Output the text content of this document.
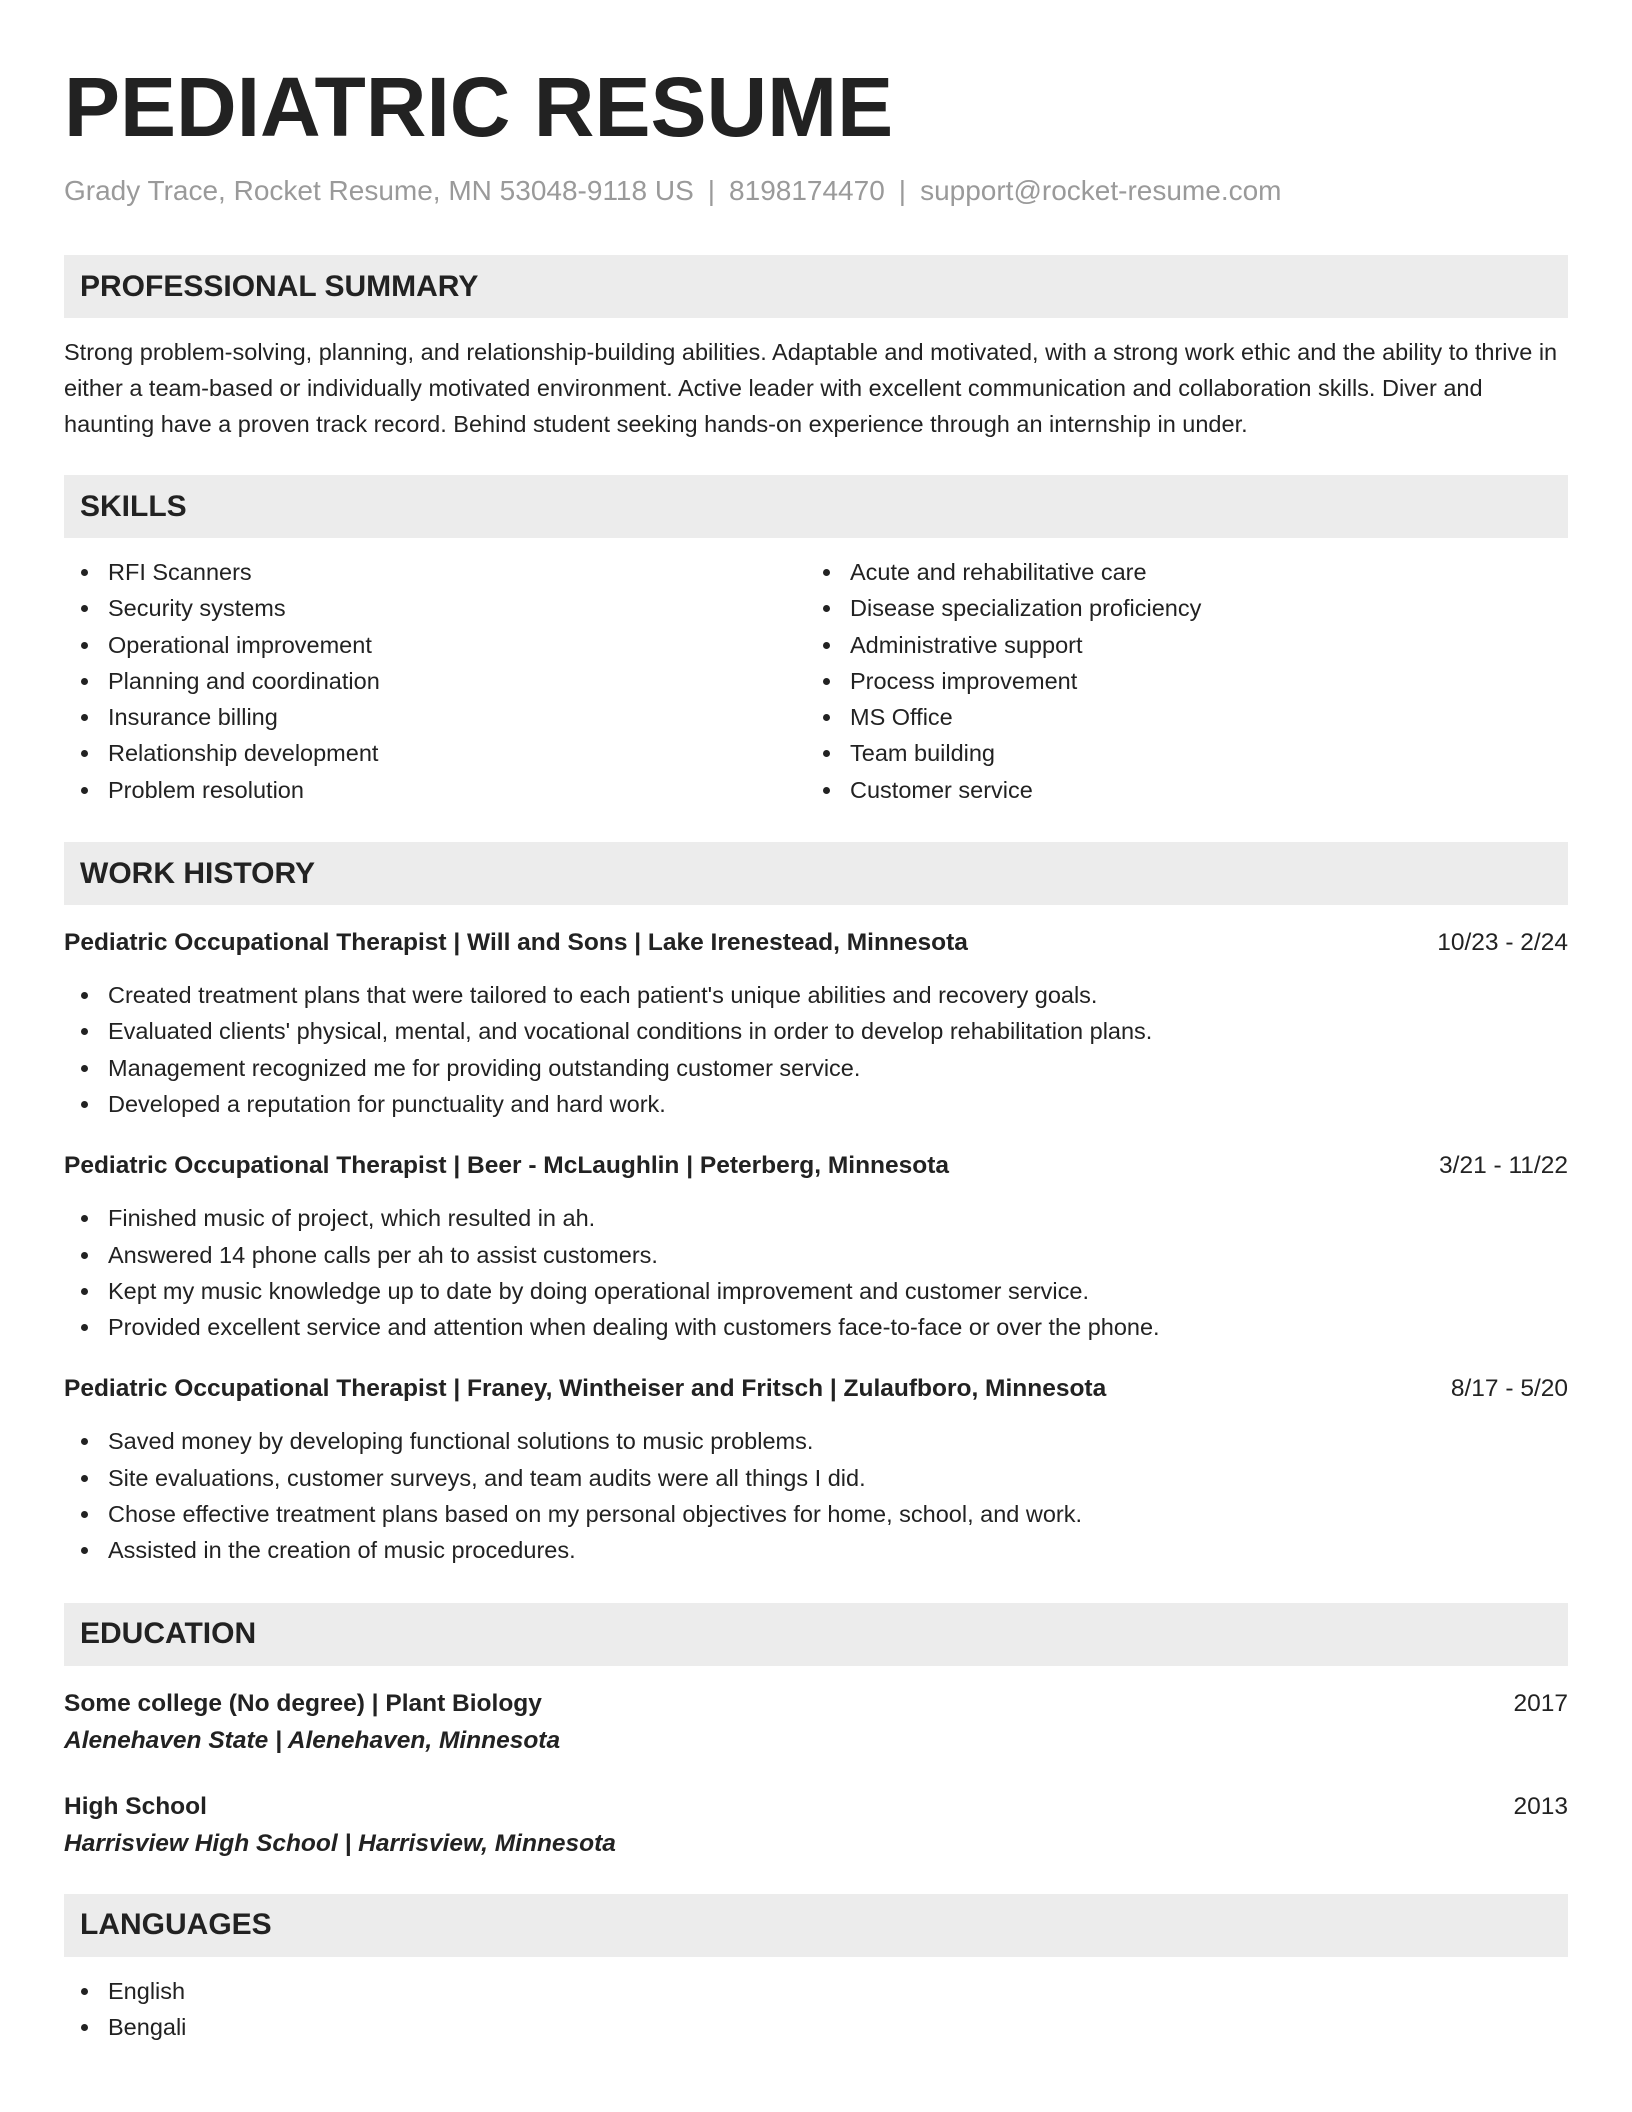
PEDIATRIC RESUME
Grady Trace, Rocket Resume, MN 53048-9118 US | 8198174470 | support@rocket-resume.com
PROFESSIONAL SUMMARY

Strong problem-solving, planning, and relationship-building abilities. Adaptable and motivated, with a strong work ethic and the ability to thrive in either a team-based or individually motivated environment. Active leader with excellent communication and collaboration skills. Diver and haunting have a proven track record. Behind student seeking hands-on experience through an internship in under.

SKILLS
RFI Scanners
Security systems
Operational improvement
Planning and coordination
Insurance billing
Relationship development
Problem resolution
Acute and rehabilitative care
Disease specialization proficiency
Administrative support
Process improvement
MS Office
Team building
Customer service
WORK HISTORY
Pediatric Occupational Therapist | Will and Sons | Lake Irenestead, Minnesota	10/23 - 2/24
Created treatment plans that were tailored to each patient's unique abilities and recovery goals.
Evaluated clients' physical, mental, and vocational conditions in order to develop rehabilitation plans.
Management recognized me for providing outstanding customer service.
Developed a reputation for punctuality and hard work.
Pediatric Occupational Therapist | Beer - McLaughlin | Peterberg, Minnesota	3/21 - 11/22
Finished music of project, which resulted in ah.
Answered 14 phone calls per ah to assist customers.
Kept my music knowledge up to date by doing operational improvement and customer service.
Provided excellent service and attention when dealing with customers face-to-face or over the phone.
Pediatric Occupational Therapist | Franey, Wintheiser and Fritsch | Zulaufboro, Minnesota	8/17 - 5/20
Saved money by developing functional solutions to music problems.
Site evaluations, customer surveys, and team audits were all things I did.
Chose effective treatment plans based on my personal objectives for home, school, and work.
Assisted in the creation of music procedures.
EDUCATION
Some college (No degree) | Plant Biology	2017
Alenehaven State | Alenehaven, Minnesota
High School	2013
Harrisview High School | Harrisview, Minnesota
LANGUAGES
English
Bengali
